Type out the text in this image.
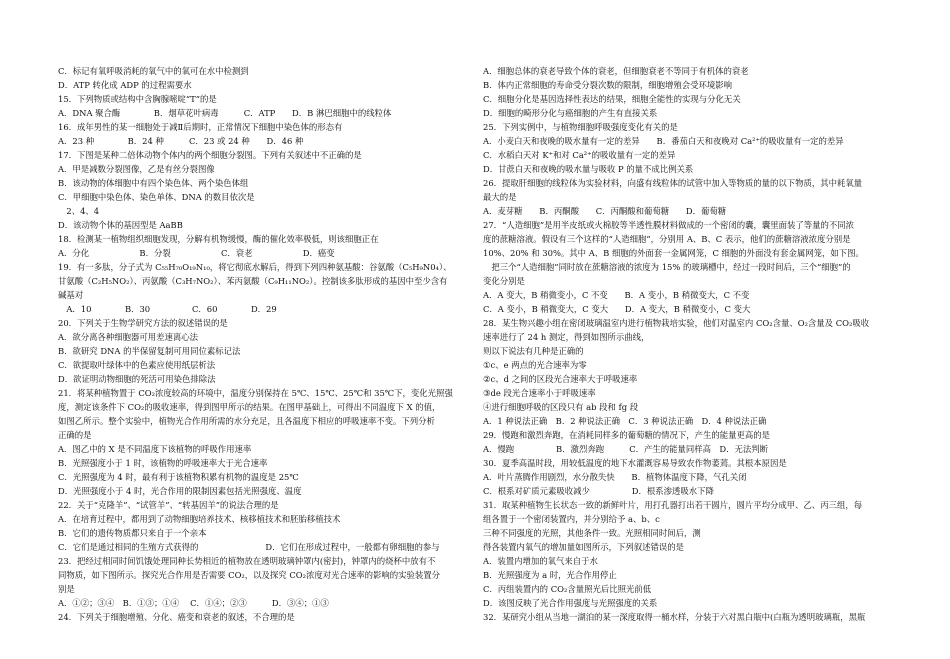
C．标记有氧呼吸消耗的氧气中的氧可在水中检测到

D．ATP 转化成 ADP 的过程需要水

15．下列物质或结构中含胸腺嘧啶“T”的是

A．DNA 聚合酶　　　　B．烟草花叶病毒　　　C．ATP　　D．B 淋巴细胞中的线粒体

16．成年男性的某一细胞处于减Ⅱ后期时，正常情况下细胞中染色体的形态有

A．23 种　　　　B．24 种　　　C．23 或 24 种　　D．46 种

17．下图是某种二倍体动物个体内的两个细胞分裂图。下列有关叙述中不正确的是

A．甲是减数分裂图像，乙是有丝分裂图像

B．该动物的体细胞中有四个染色体、两个染色体组

C．甲细胞中染色体、染色单体、DNA 的数目依次是

　2、4、4

D．该动物个体的基因型是 AaBB

18．检测某一植物组织细胞发现，分解有机物缓慢，酶的催化效率极低，则该细胞正在

A．分化　　　　　　B．分裂　　　　　　C．衰老　　　　　　D．癌变

19．有一多肽，分子式为 C₅₅H₇₀O₁₉N₁₀，将它彻底水解后，得到下列四种氨基酸：谷氨酸（C₅H₉N0₄）、

甘氨酸（C₂H₅NO₂）、丙氨酸（C₃H₇NO₂）、苯丙氨酸（C₉H₁₁NO₂）。控制该多肽形成的基因中至少含有

碱基对

　A．10　　　　B．30　　　　　C．60　　　　D．29

20．下列关于生物学研究方法的叙述错误的是

A．欲分离各种细胞器可用差速离心法

B．欲研究 DNA 的半保留复制可用同位素标记法

C．欲提取叶绿体中的色素应使用纸层析法

D．欲证明动物细胞的死活可用染色排除法

21．将某种植物置于 CO₂浓度较高的环境中，温度分别保持在 5℃、15℃、25℃和 35℃下，变化光照强

度，测定该条件下 CO₂的吸收速率，得到图甲所示的结果。在图甲基础上，可得出不同温度下 X 的值，

如图乙所示。整个实验中，植物光合作用所需的水分充足，且各温度下相应的呼吸速率不变。下列分析

正确的是

A．图乙中的 X 是不同温度下该植物的呼吸作用速率

B．光照强度小于 1 时，该植物的呼吸速率大于光合速率

C．光照强度为 4 时，最有利于该植物积累有机物的温度是 25℃

D．光照强度小于 4 时，光合作用的限制因素包括光照强度、温度

22．关于“克隆羊”、“试管羊”、“转基因羊”的说法合理的是

A．在培育过程中，都用到了动物细胞培养技术、核移植技术和胚胎移植技术

B．它们的遗传物质都只来自于一个亲本

C．它们是通过相同的生殖方式获得的　　　　　　　　D．它们在形成过程中，一般都有卵细胞的参与

23．把经过相同时间饥饿处理同种长势相近的植物放在透明玻璃钟罩内(密封)，钟罩内的烧杯中放有不

同物质，如下图所示。探究光合作用是否需要 CO₂，以及探究 CO₂浓度对光合速率的影响的实验装置分

别是

A．①②；③④　B．①③；①④　 C．①④；②③　　　D．③④；①③

24．下列关于细胞增殖、分化、癌变和衰老的叙述，不合理的是

A．细胞总体的衰老导致个体的衰老，但细胞衰老不等同于有机体的衰老

B．体内正常细胞的寿命受分裂次数的限制，细胞增殖会受环境影响

C．细胞分化是基因选择性表达的结果，细胞全能性的实现与分化无关

D．细胞的畸形分化与癌细胞的产生有直接关系

25．下列实例中，与植物细胞呼吸强度变化有关的是

A．小麦白天和夜晚的吸水量有一定的差异　　B．番茄白天和夜晚对 Ca²⁺的吸收量有一定的差异

C．水稻白天对 K⁺和对 Ca²⁺的吸收量有一定的差异

D．甘蔗白天和夜晚的吸水量与吸收 P 的量不成比例关系

26．提取肝细胞的线粒体为实验材料，向盛有线粒体的试管中加入等物质的量的以下物质，其中耗氧量

最大的是

A．麦芽糖　　B．丙酮酸　　C．丙酮酸和葡萄糖　　D．葡萄糖

27．“人造细胞”是用半皮纸或火棉胶等半透性膜材料做成的一个密闭的囊，囊里面装了等量的不同浓

度的蔗糖溶液。假设有三个这样的“人造细胞”，分别用 A、B、C 表示，他们的蔗糖溶液浓度分别是

10%、20% 和 30%。其中 A、B 细胞的外面套一金属网笼，C 细胞的外面没有套金属网笼，如下图。

　把三个“人造细胞”同时放在蔗糖溶液的浓度为 15% 的玻璃槽中，经过一段时间后，三个“细胞”的

变化分别是

A．A 变大，B 稍微变小，C 不变　　B．A 变小，B 稍微变大，C 不变

C．A 变小，B 稍微变大，C 变大　　D．A 变大，B 稍微变小，C 变大

28．某生物兴趣小组在密闭玻璃温室内进行植物栽培实验，他们对温室内 CO₂含量、O₂含量及 CO₂吸收

速率进行了 24 h 测定，得到如图所示曲线，

则以下说法有几种是正确的

①c、e 两点的光合速率为零

②c、d 之间的区段光合速率大于呼吸速率

③de 段光合速率小于呼吸速率

④进行细胞呼吸的区段只有 ab 段和 fg 段

A．1 种说法正确　B．2 种说法正确　C．3 种说法正确　D．4 种说法正确

29．慢跑和激烈奔跑，在消耗同样多的葡萄糖的情况下，产生的能量更高的是

A．慢跑　　　　　B．激烈奔跑　　　C．产生的能量同样高　D．无法判断

30．夏季高温时段，用较低温度的地下水灌溉容易导致农作物萎蔫。其根本原因是

A．叶片蒸腾作用剧烈，水分散失快　　B．植物体温度下降，气孔关闭

C．根系对矿质元素吸收减少　　　　　D．根系渗透吸水下降

31．取某种植物生长状态一致的新鲜叶片，用打孔器打出若干圆片，圆片平均分成甲、乙、丙三组，每

组各置于一个密闭装置内，并分别给予 a、b、c

三种不同强度的光照，其他条件一致。光照相同时间后，测

得各装置内氧气的增加量如图所示，下列叙述错误的是

A．装置内增加的氧气来自于水

B．光照强度为 a 时，光合作用停止

C．丙组装置内的 CO₂含量照光后比照光前低

D．该图反映了光合作用强度与光照强度的关系

32．某研究小组从当地一湖泊的某一深度取得一桶水样，分装于六对黑白瓶中(白瓶为透明玻璃瓶，黑瓶
